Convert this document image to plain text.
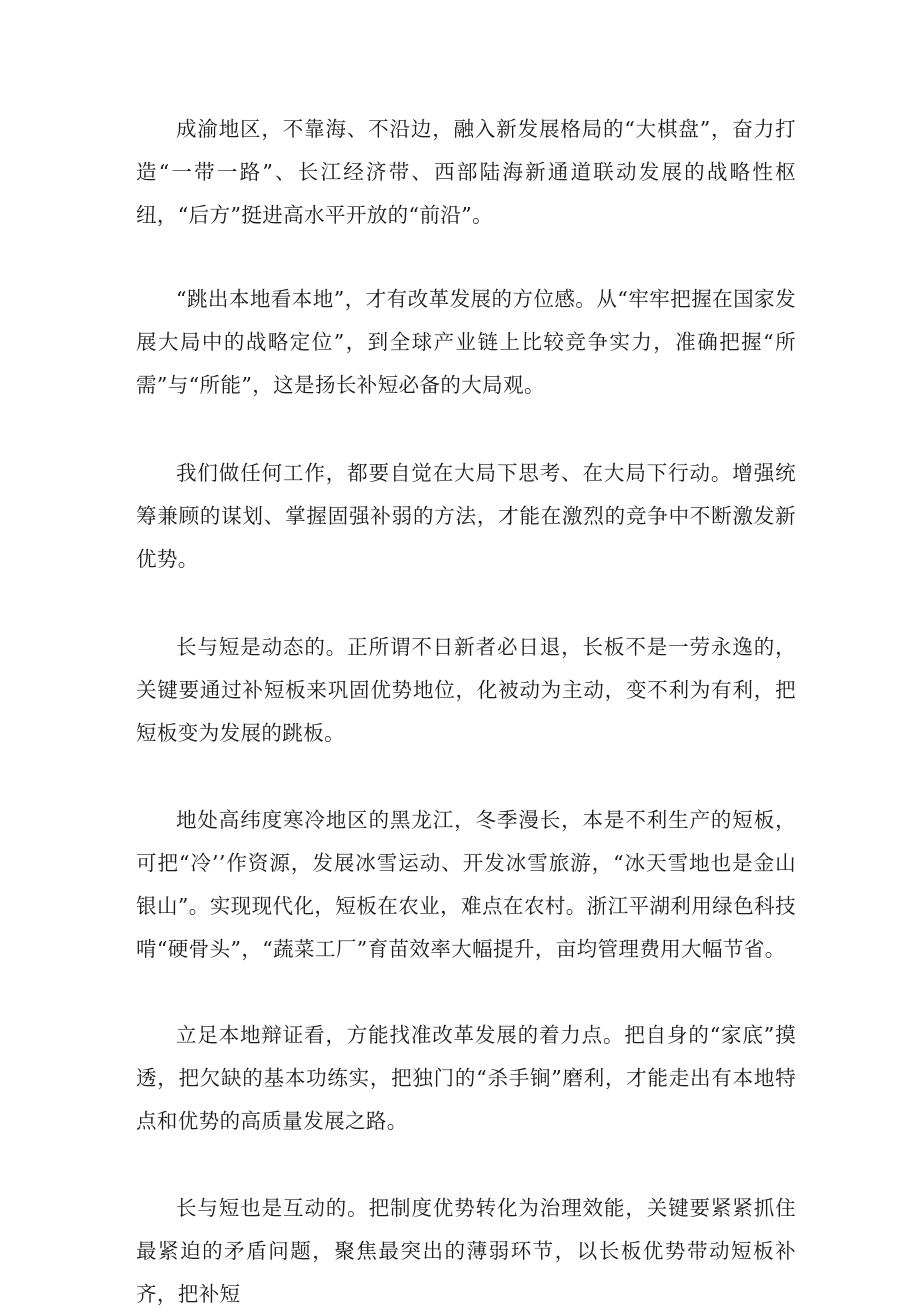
成渝地区，不靠海、不沿边，融入新发展格局的“大棋盘”，奋力打造“一带一路”、长江经济带、西部陆海新通道联动发展的战略性枢纽，“后方”挺进高水平开放的“前沿”。

“跳出本地看本地”，才有改革发展的方位感。从“牢牢把握在国家发展大局中的战略定位”，到全球产业链上比较竞争实力，准确把握“所需”与“所能”，这是扬长补短必备的大局观。

我们做任何工作，都要自觉在大局下思考、在大局下行动。增强统筹兼顾的谋划、掌握固强补弱的方法，才能在激烈的竞争中不断激发新优势。

长与短是动态的。正所谓不日新者必日退，长板不是一劳永逸的，关键要通过补短板来巩固优势地位，化被动为主动，变不利为有利，把短板变为发展的跳板。

地处高纬度寒冷地区的黑龙江，冬季漫长，本是不利生产的短板，可把“冷’’作资源，发展冰雪运动、开发冰雪旅游，“冰天雪地也是金山银山”。实现现代化，短板在农业，难点在农村。浙江平湖利用绿色科技啃“硬骨头”，“蔬菜工厂”育苗效率大幅提升，亩均管理费用大幅节省。

立足本地辩证看，方能找准改革发展的着力点。把自身的“家底”摸透，把欠缺的基本功练实，把独门的“杀手锏”磨利，才能走出有本地特点和优势的高质量发展之路。

长与短也是互动的。把制度优势转化为治理效能，关键要紧紧抓住最紧迫的矛盾问题，聚焦最突出的薄弱环节，以长板优势带动短板补齐，把补短
